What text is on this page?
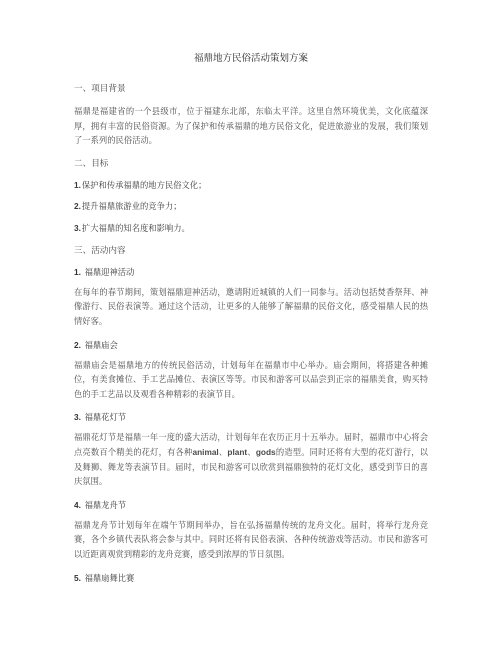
福鼎地方民俗活动策划方案
一、项目背景
福鼎是福建省的一个县级市，位于福建东北部，东临太平洋。这里自然环境优美，文化底蕴深厚，拥有丰富的民俗资源。为了保护和传承福鼎的地方民俗文化，促进旅游业的发展，我们策划了一系列的民俗活动。
二、目标
1.保护和传承福鼎的地方民俗文化；
2.提升福鼎旅游业的竞争力；
3.扩大福鼎的知名度和影响力。
三、活动内容
1. 福鼎迎神活动
在每年的春节期间，策划福鼎迎神活动，邀请附近城镇的人们一同参与。活动包括焚香祭拜、神像游行、民俗表演等。通过这个活动，让更多的人能够了解福鼎的民俗文化，感受福鼎人民的热情好客。
2. 福鼎庙会
福鼎庙会是福鼎地方的传统民俗活动，计划每年在福鼎市中心举办。庙会期间，将搭建各种摊位，有美食摊位、手工艺品摊位、表演区等等。市民和游客可以品尝到正宗的福鼎美食，购买特色的手工艺品以及观看各种精彩的表演节目。
3. 福鼎花灯节
福鼎花灯节是福鼎一年一度的盛大活动，计划每年在农历正月十五举办。届时，福鼎市中心将会点亮数百个精美的花灯，有各种animal、plant、gods的造型。同时还将有大型的花灯游行，以及舞狮、舞龙等表演节目。届时，市民和游客可以欣赏到福鼎独特的花灯文化，感受到节日的喜庆氛围。
4. 福鼎龙舟节
福鼎龙舟节计划每年在端午节期间举办，旨在弘扬福鼎传统的龙舟文化。届时，将举行龙舟竞赛，各个乡镇代表队将会参与其中。同时还将有民俗表演、各种传统游戏等活动。市民和游客可以近距离观赏到精彩的龙舟竞赛，感受到浓厚的节日氛围。
5. 福鼎扇舞比赛
